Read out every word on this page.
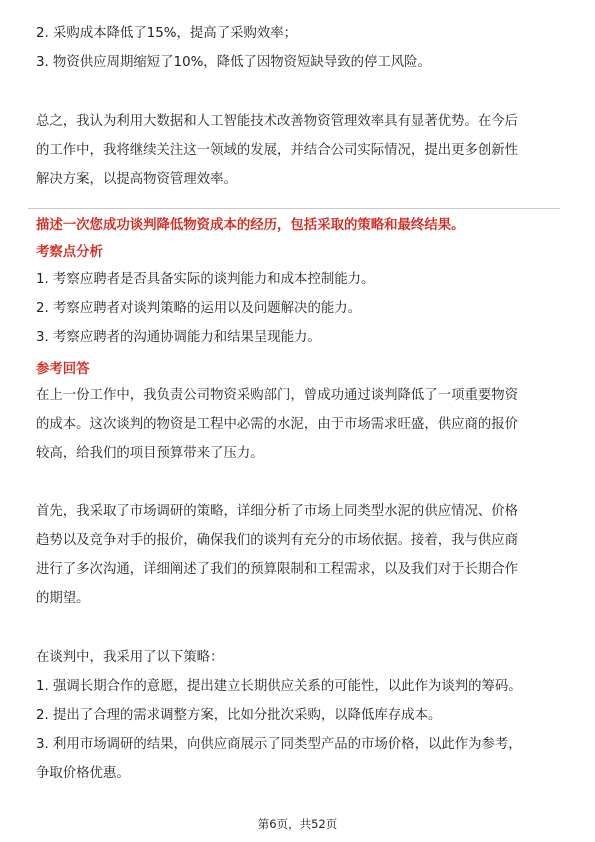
2. 采购成本降低了15%，提高了采购效率；

3. 物资供应周期缩短了10%，降低了因物资短缺导致的停工风险。

总之，我认为利用大数据和人工智能技术改善物资管理效率具有显著优势。在今后

的工作中，我将继续关注这一领域的发展，并结合公司实际情况，提出更多创新性

解决方案，以提高物资管理效率。

描述一次您成功谈判降低物资成本的经历，包括采取的策略和最终结果。

考察点分析

1. 考察应聘者是否具备实际的谈判能力和成本控制能力。

2. 考察应聘者对谈判策略的运用以及问题解决的能力。

3. 考察应聘者的沟通协调能力和结果呈现能力。

参考回答

在上一份工作中，我负责公司物资采购部门，曾成功通过谈判降低了一项重要物资

的成本。这次谈判的物资是工程中必需的水泥，由于市场需求旺盛，供应商的报价

较高，给我们的项目预算带来了压力。

首先，我采取了市场调研的策略，详细分析了市场上同类型水泥的供应情况、价格

趋势以及竞争对手的报价，确保我们的谈判有充分的市场依据。接着，我与供应商

进行了多次沟通，详细阐述了我们的预算限制和工程需求，以及我们对于长期合作

的期望。

在谈判中，我采用了以下策略：

1. 强调长期合作的意愿，提出建立长期供应关系的可能性，以此作为谈判的筹码。

2. 提出了合理的需求调整方案，比如分批次采购，以降低库存成本。

3. 利用市场调研的结果，向供应商展示了同类型产品的市场价格，以此作为参考，

争取价格优惠。

第6页，共52页
